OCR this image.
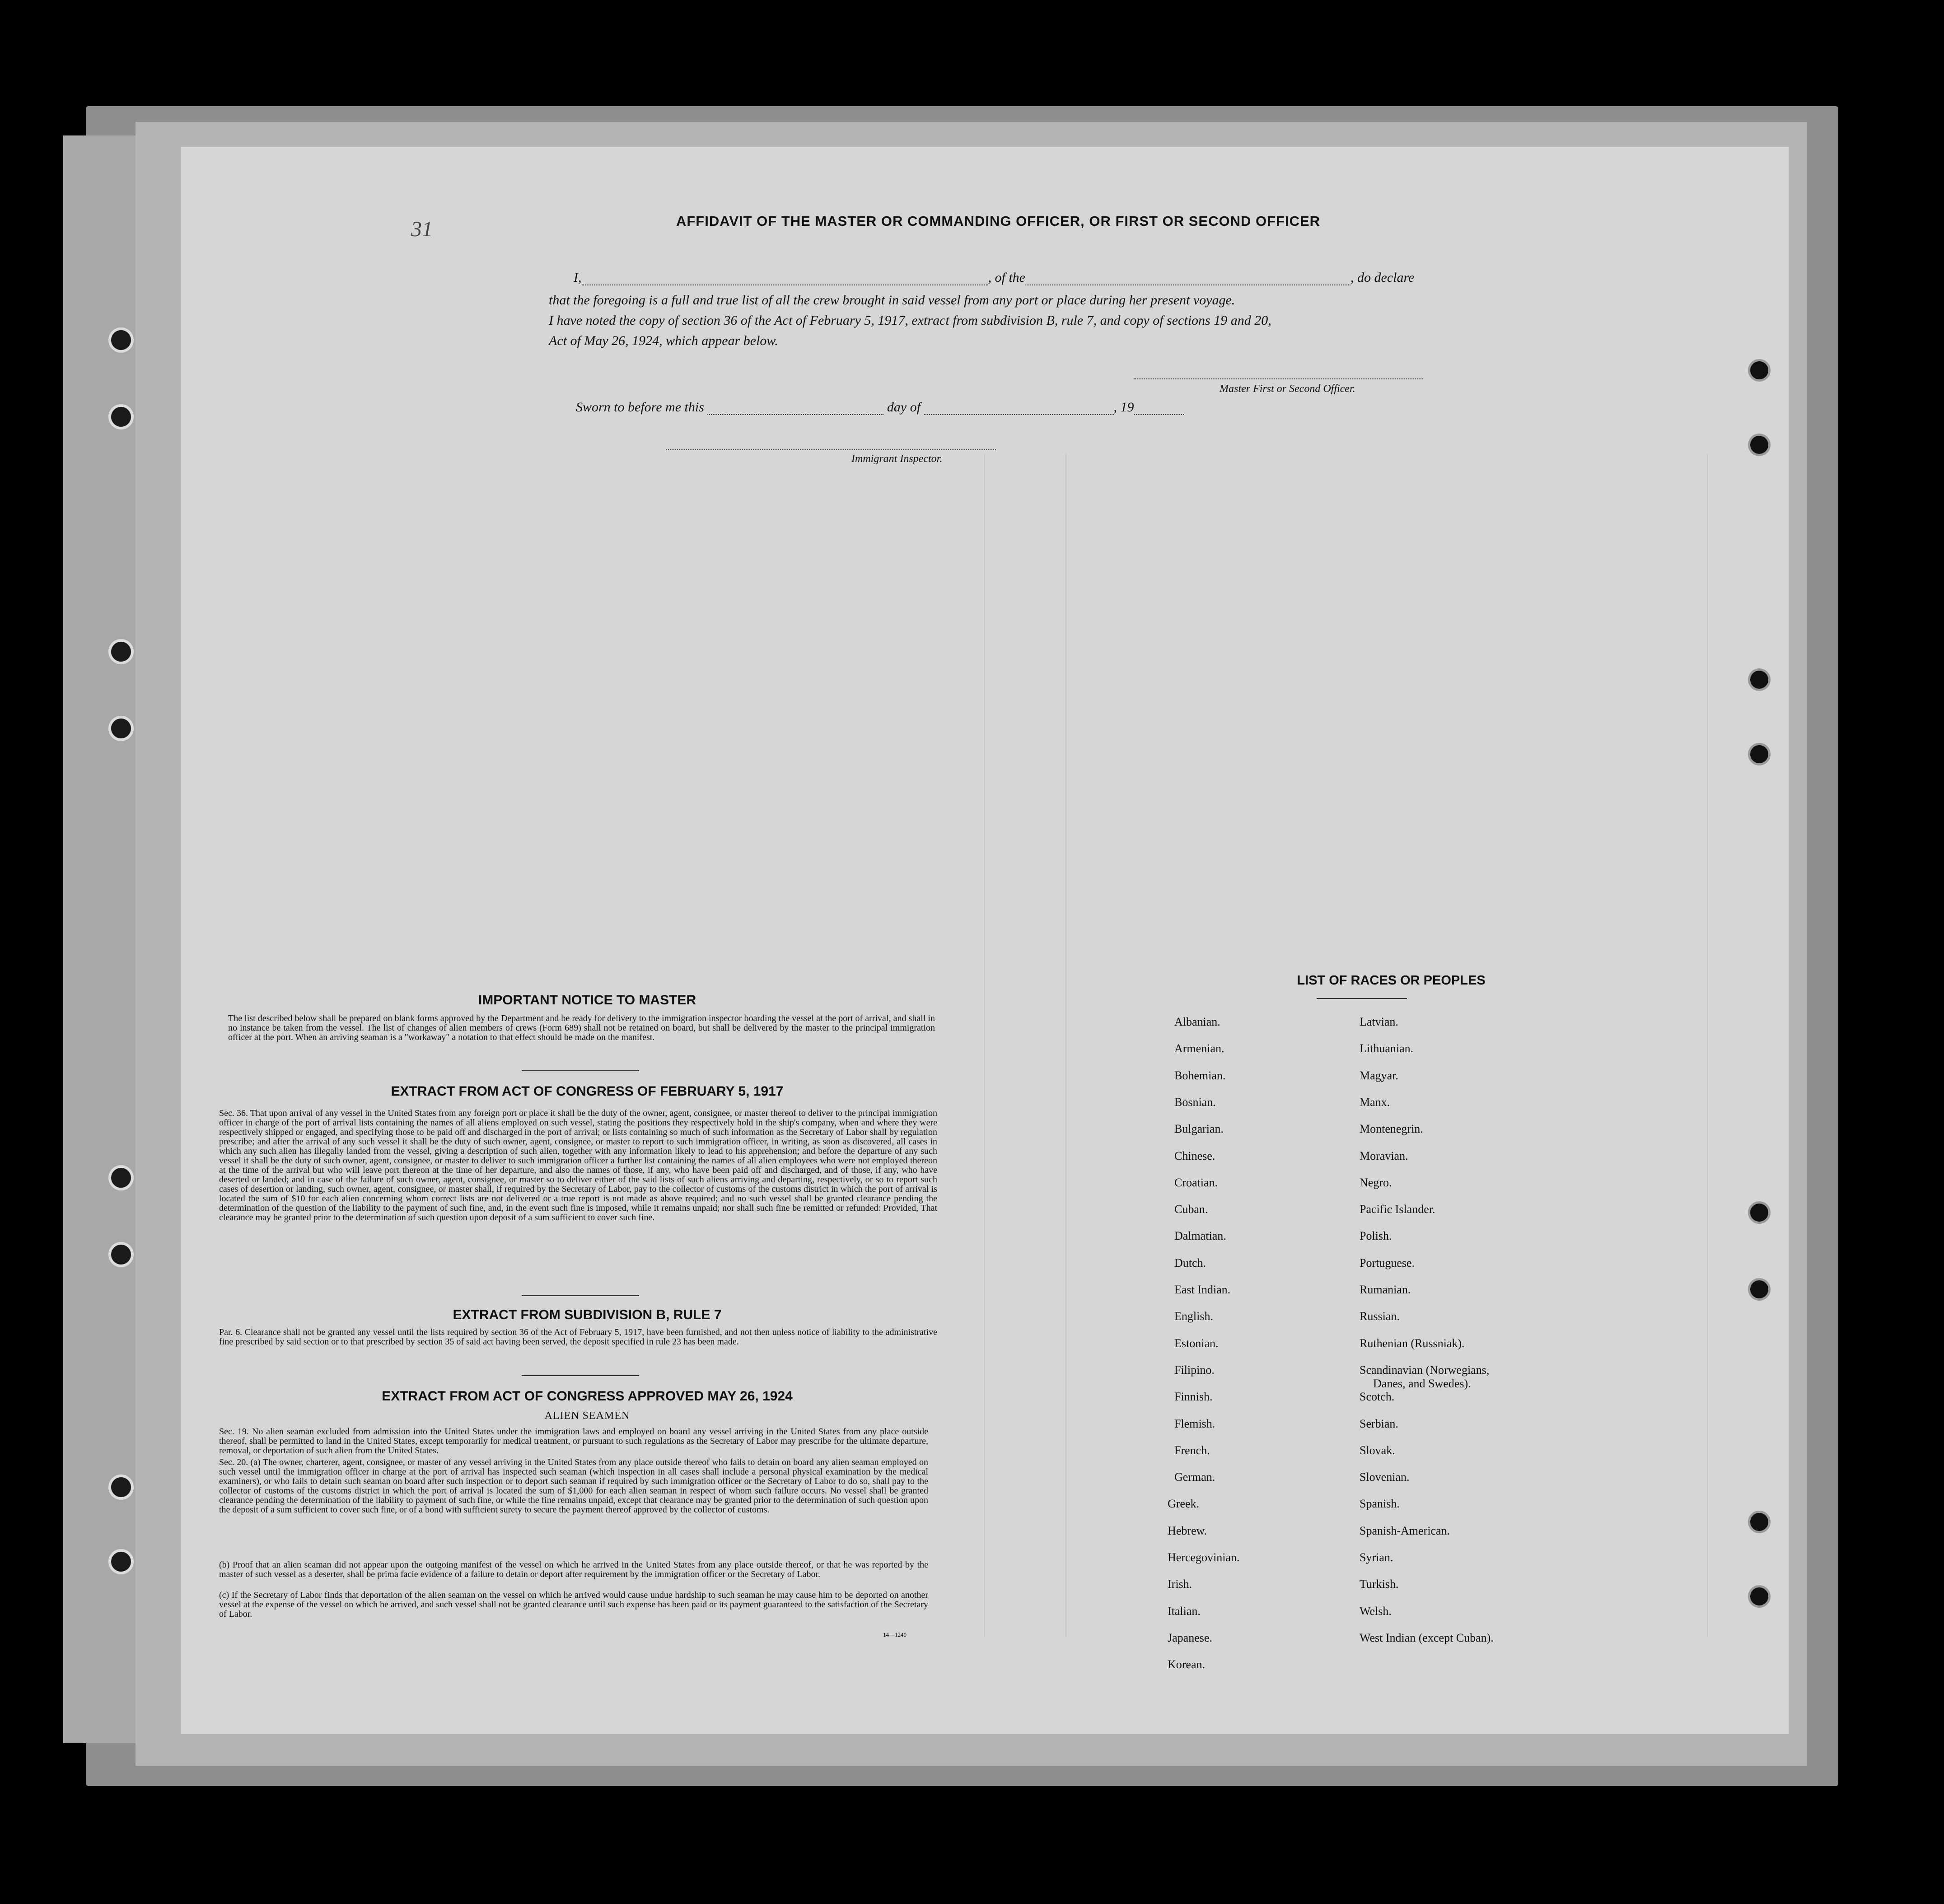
31	AFFIDAVIT OF THE MASTER OR COMMANDING OFFICER, OR FIRST OR SECOND OFFICER
I,	, of the	, do declare
that the foregoing is a full and true list of all the crew brought in said vessel from any port or place during her present voyage.
I have noted the copy of section 36 of the Act of February 5, 1917, extract from subdivision B, rule 7, and copy of sections 19 and 20,
Act of May 26, 1924, which appear below.
Master First or Second Officer.
Sworn to before me this	day of	, 19
Immigrant Inspector.
IMPORTANT NOTICE TO MASTER
The list described below shall be prepared on blank forms approved by the Department and be ready for delivery to the immigration inspector boarding the vessel at the port of arrival, and shall in no instance be taken from the vessel. The list of changes of alien members of crews (Form 689) shall not be retained on board, but shall be delivered by the master to the principal immigration officer at the port. When an arriving seaman is a "workaway" a notation to that effect should be made on the manifest.
EXTRACT FROM ACT OF CONGRESS OF FEBRUARY 5, 1917
Sec. 36. That upon arrival of any vessel in the United States from any foreign port or place it shall be the duty of the owner, agent, consignee, or master thereof to deliver to the principal immigration officer in charge of the port of arrival lists containing the names of all aliens employed on such vessel, stating the positions they respectively hold in the ship's company, when and where they were respectively shipped or engaged, and specifying those to be paid off and discharged in the port of arrival; or lists containing so much of such information as the Secretary of Labor shall by regulation prescribe; and after the arrival of any such vessel it shall be the duty of such owner, agent, consignee, or master to report to such immigration officer, in writing, as soon as discovered, all cases in which any such alien has illegally landed from the vessel, giving a description of such alien, together with any information likely to lead to his apprehension; and before the departure of any such vessel it shall be the duty of such owner, agent, consignee, or master to deliver to such immigration officer a further list containing the names of all alien employees who were not employed thereon at the time of the arrival but who will leave port thereon at the time of her departure, and also the names of those, if any, who have been paid off and discharged, and of those, if any, who have deserted or landed; and in case of the failure of such owner, agent, consignee, or master so to deliver either of the said lists of such aliens arriving and departing, respectively, or so to report such cases of desertion or landing, such owner, agent, consignee, or master shall, if required by the Secretary of Labor, pay to the collector of customs of the customs district in which the port of arrival is located the sum of $10 for each alien concerning whom correct lists are not delivered or a true report is not made as above required; and no such vessel shall be granted clearance pending the determination of the question of the liability to the payment of such fine, and, in the event such fine is imposed, while it remains unpaid; nor shall such fine be remitted or refunded: Provided, That clearance may be granted prior to the determination of such question upon deposit of a sum sufficient to cover such fine.
EXTRACT FROM SUBDIVISION B, RULE 7
Par. 6. Clearance shall not be granted any vessel until the lists required by section 36 of the Act of February 5, 1917, have been furnished, and not then unless notice of liability to the administrative fine prescribed by said section or to that prescribed by section 35 of said act having been served, the deposit specified in rule 23 has been made.
EXTRACT FROM ACT OF CONGRESS APPROVED MAY 26, 1924
ALIEN SEAMEN
Sec. 19. No alien seaman excluded from admission into the United States under the immigration laws and employed on board any vessel arriving in the United States from any place outside thereof, shall be permitted to land in the United States, except temporarily for medical treatment, or pursuant to such regulations as the Secretary of Labor may prescribe for the ultimate departure, removal, or deportation of such alien from the United States.
Sec. 20. (a) The owner, charterer, agent, consignee, or master of any vessel arriving in the United States from any place outside thereof who fails to detain on board any alien seaman employed on such vessel until the immigration officer in charge at the port of arrival has inspected such seaman (which inspection in all cases shall include a personal physical examination by the medical examiners), or who fails to detain such seaman on board after such inspection or to deport such seaman if required by such immigration officer or the Secretary of Labor to do so, shall pay to the collector of customs of the customs district in which the port of arrival is located the sum of $1,000 for each alien seaman in respect of whom such failure occurs. No vessel shall be granted clearance pending the determination of the liability to payment of such fine, or while the fine remains unpaid, except that clearance may be granted prior to the determination of such question upon the deposit of a sum sufficient to cover such fine, or of a bond with sufficient surety to secure the payment thereof approved by the collector of customs.
(b) Proof that an alien seaman did not appear upon the outgoing manifest of the vessel on which he arrived in the United States from any place outside thereof, or that he was reported by the master of such vessel as a deserter, shall be prima facie evidence of a failure to detain or deport after requirement by the immigration officer or the Secretary of Labor.
(c) If the Secretary of Labor finds that deportation of the alien seaman on the vessel on which he arrived would cause undue hardship to such seaman he may cause him to be deported on another vessel at the expense of the vessel on which he arrived, and such vessel shall not be granted clearance until such expense has been paid or its payment guaranteed to the satisfaction of the Secretary of Labor.
14—1240
LIST OF RACES OR PEOPLES
Albanian.
Armenian.
Bohemian.
Bosnian.
Bulgarian.
Chinese.
Croatian.
Cuban.
Dalmatian.
Dutch.
East Indian.
English.
Estonian.
Filipino.
Finnish.
Flemish.
French.
German.
Greek.
Hebrew.
Hercegovinian.
Irish.
Italian.
Japanese.
Korean.
Latvian.
Lithuanian.
Magyar.
Manx.
Montenegrin.
Moravian.
Negro.
Pacific Islander.
Polish.
Portuguese.
Rumanian.
Russian.
Ruthenian (Russniak).
Scandinavian (Norwegians,
Danes, and Swedes).
Scotch.
Serbian.
Slovak.
Slovenian.
Spanish.
Spanish-American.
Syrian.
Turkish.
Welsh.
West Indian (except Cuban).
